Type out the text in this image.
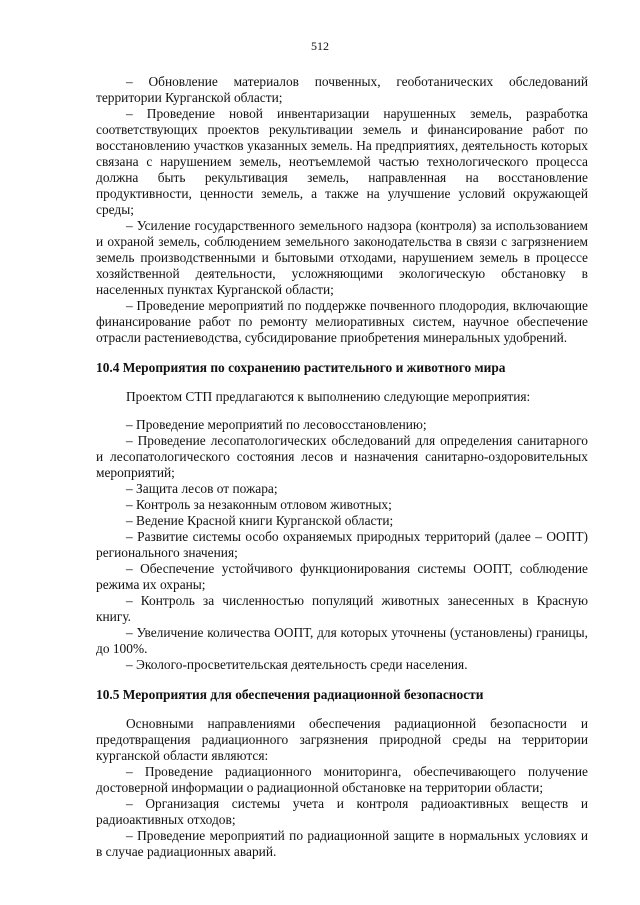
512

– Обновление материалов почвенных, геоботанических обследований территории Курганской области;

– Проведение новой инвентаризации нарушенных земель, разработка соответствующих проектов рекультивации земель и финансирование работ по восстановлению участков указанных земель. На предприятиях, деятельность которых связана с нарушением земель, неотъемлемой частью технологического процесса должна быть рекультивация земель, направленная на восстановление продуктивности, ценности земель, а также на улучшение условий окружающей среды;

– Усиление государственного земельного надзора (контроля) за использованием и охраной земель, соблюдением земельного законодательства в связи с загрязнением земель производственными и бытовыми отходами, нарушением земель в процессе хозяйственной деятельности, усложняющими экологическую обстановку в населенных пунктах Курганской области;

– Проведение мероприятий по поддержке почвенного плодородия, включающие финансирование работ по ремонту мелиоративных систем, научное обеспечение отрасли растениеводства, субсидирование приобретения минеральных удобрений.

10.4 Мероприятия по сохранению растительного и животного мира

Проектом СТП предлагаются к выполнению следующие мероприятия:

– Проведение мероприятий по лесовосстановлению;

– Проведение лесопатологических обследований для определения санитарного и лесопатологического состояния лесов и назначения санитарно-оздоровительных мероприятий;

– Защита лесов от пожара;

– Контроль за незаконным отловом животных;

– Ведение Красной книги Курганской области;

– Развитие системы особо охраняемых природных территорий (далее – ООПТ) регионального значения;

– Обеспечение устойчивого функционирования системы ООПТ, соблюдение режима их охраны;

– Контроль за численностью популяций животных занесенных в Красную книгу.

– Увеличение количества ООПТ, для которых уточнены (установлены) границы, до 100%.

– Эколого-просветительская деятельность среди населения.

10.5 Мероприятия для обеспечения радиационной безопасности

Основными направлениями обеспечения радиационной безопасности и предотвращения радиационного загрязнения природной среды на территории курганской области являются:

– Проведение радиационного мониторинга, обеспечивающего получение достоверной информации о радиационной обстановке на территории области;

– Организация системы учета и контроля радиоактивных веществ и радиоактивных отходов;

– Проведение мероприятий по радиационной защите в нормальных условиях и в случае радиационных аварий.
